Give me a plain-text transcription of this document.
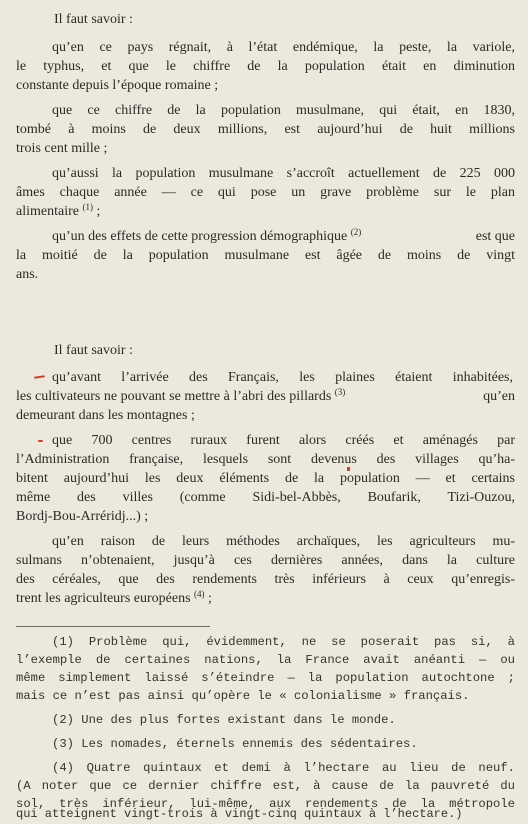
Il faut savoir :
qu’en ce pays régnait, à l’état endémique, la peste, la variole,
le typhus, et que le chiffre de la population était en diminution
constante depuis l’époque romaine ;
que ce chiffre de la population musulmane, qui était, en 1830,
tombé à moins de deux millions, est aujourd’hui de huit millions
trois cent mille ;
qu’aussi la population musulmane s’accroît actuellement de 225 000
âmes chaque année — ce qui pose un grave problème sur le plan
alimentaire $^{(1)}$ ;
qu’un des effets de cette progression démographique $^{(2)}$	est que
la moitié de la population musulmane est âgée de moins de vingt
ans.
Il faut savoir :
qu’avant l’arrivée des Français, les plaines étaient inhabitées,
les cultivateurs ne pouvant se mettre à l’abri des pillards $^{(3)}$	qu’en
demeurant dans les montagnes ;
que 700 centres ruraux furent alors créés et aménagés par
l’Administration française, lesquels sont devenus des villages qu’ha-
bitent aujourd’hui les deux éléments de la population — et certains
même des villes (comme Sidi-bel-Abbès, Boufarik, Tizi-Ouzou,
Bordj-Bou-Arréridj...) ;
qu’en raison de leurs méthodes archaïques, les agriculteurs mu-
sulmans n’obtenaient, jusqu’à ces dernières années, dans la culture
des céréales, que des rendements très inférieurs à ceux qu’enregis-
trent les agriculteurs européens $^{(4)}$ ;
(1) Problème qui, évidemment, ne se poserait pas si, à
l’exemple de certaines nations, la France avait anéanti — ou
même simplement laissé s’éteindre — la population autochtone ;
mais ce n’est pas ainsi qu’opère le « colonialisme » français.
(2) Une des plus fortes existant dans le monde.
(3) Les nomades, éternels ennemis des sédentaires.
(4) Quatre quintaux et demi à l’hectare au lieu de neuf.
(A noter que ce dernier chiffre est, à cause de la pauvreté du
sol, très inférieur, lui-même, aux rendements de la métropole
qui atteignent vingt-trois à vingt-cinq quintaux à l’hectare.)
